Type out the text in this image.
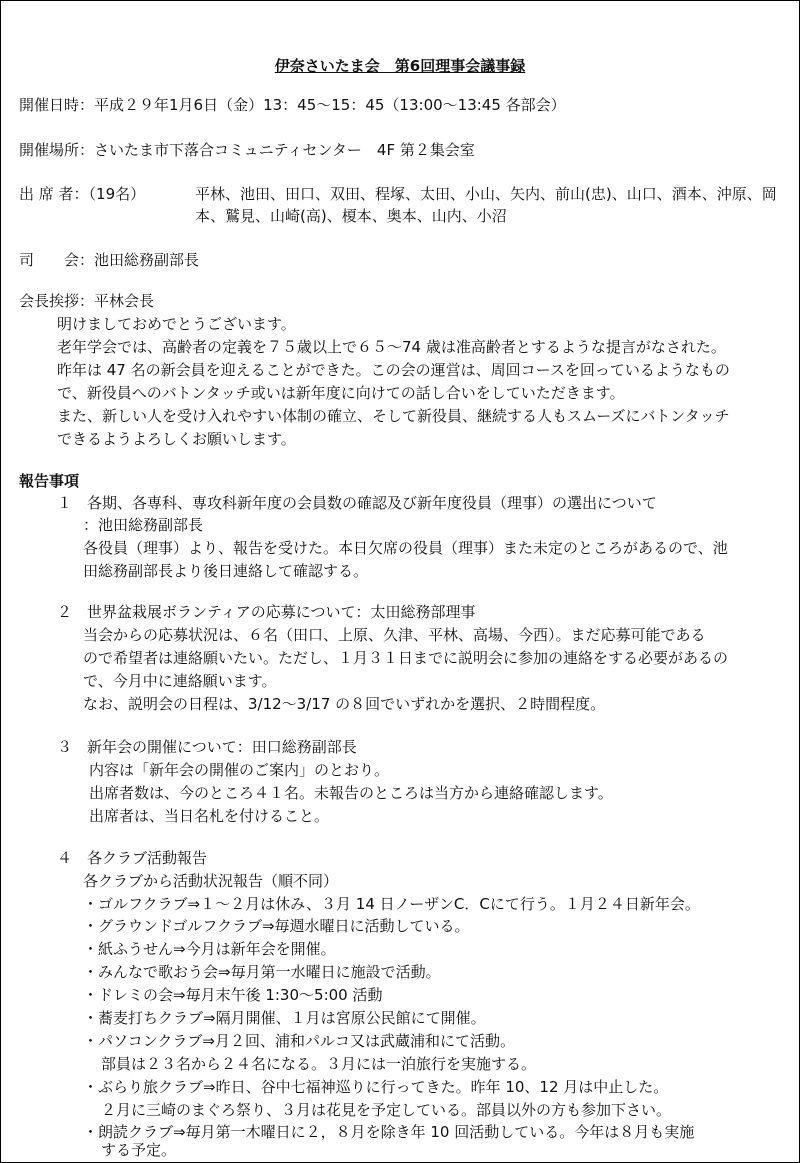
伊奈さいたま会　第6回理事会議事録
開催日時：平成２９年1月6日（金）13：45～15：45（13:00～13:45 各部会）
開催場所：さいたま市下落合コミュニティセンター　4F 第２集会室
出 席 者：（19名）	平林、池田、田口、双田、程塚、太田、小山、矢内、前山(忠)、山口、酒本、沖原、岡本、鷲見、山崎(高)、榎本、奥本、山内、小沼
司　　会：池田総務副部長
会長挨拶：平林会長
明けましておめでとうございます。
老年学会では、高齢者の定義を７５歳以上で６５～74 歳は准高齢者とするような提言がなされた。
昨年は 47 名の新会員を迎えることができた。この会の運営は、周回コースを回っているようなもの
で、新役員へのバトンタッチ或いは新年度に向けての話し合いをしていただきます。
また、新しい人を受け入れやすい体制の確立、そして新役員、継続する人もスムーズにバトンタッチ
できるようよろしくお願いします。
報告事項
１　各期、各専科、専攻科新年度の会員数の確認及び新年度役員（理事）の選出について
：池田総務副部長
各役員（理事）より、報告を受けた。本日欠席の役員（理事）また未定のところがあるので、池
田総務副部長より後日連絡して確認する。
２　世界盆栽展ボランティアの応募について：太田総務部理事
当会からの応募状況は、６名（田口、上原、久津、平林、高場、今西）。まだ応募可能である
ので希望者は連絡願いたい。ただし、１月３１日までに説明会に参加の連絡をする必要があるの
で、今月中に連絡願います。
なお、説明会の日程は、3/12～3/17 の８回でいずれかを選択、２時間程度。
３　新年会の開催について：田口総務副部長
内容は「新年会の開催のご案内」のとおり。
出席者数は、今のところ４１名。未報告のところは当方から連絡確認します。
出席者は、当日名札を付けること。
４　各クラブ活動報告
各クラブから活動状況報告（順不同）
・ゴルフクラブ⇒１～２月は休み、３月 14 日ノーザンC．Cにて行う。１月２４日新年会。
・グラウンドゴルフクラブ⇒毎週水曜日に活動している。
・紙ふうせん⇒今月は新年会を開催。
・みんなで歌おう会⇒毎月第一水曜日に施設で活動。
・ドレミの会⇒毎月末午後 1:30～5:00 活動
・蕎麦打ちクラブ⇒隔月開催、１月は宮原公民館にて開催。
・パソコンクラブ⇒月２回、浦和パルコ又は武蔵浦和にて活動。
部員は２３名から２４名になる。３月には一泊旅行を実施する。
・ぶらり旅クラブ⇒昨日、谷中七福神巡りに行ってきた。昨年 10、12 月は中止した。
２月に三崎のまぐろ祭り、３月は花見を予定している。部員以外の方も参加下さい。
・朗読クラブ⇒毎月第一木曜日に２，８月を除き年 10 回活動している。今年は８月も実施
する予定。
